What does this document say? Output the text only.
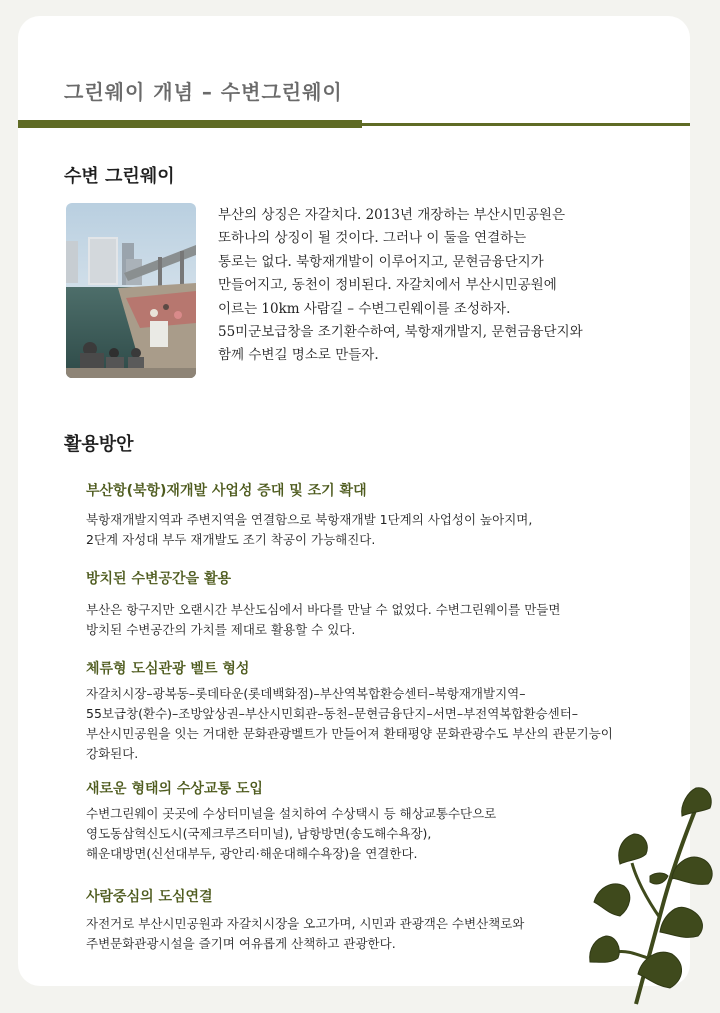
그린웨이 개념 – 수변그린웨이
수변 그린웨이

부산의 상징은 자갈치다. 2013년 개장하는 부산시민공원은

또하나의 상징이 될 것이다. 그러나 이 둘을 연결하는

통로는 없다. 북항재개발이 이루어지고, 문현금융단지가

만들어지고, 동천이 정비된다. 자갈치에서 부산시민공원에

이르는 10km 사람길 – 수변그린웨이를 조성하자.

55미군보급창을 조기환수하여, 북항재개발지, 문현금융단지와

함께 수변길 명소로 만들자.

활용방안
부산항(북항)재개발 사업성 증대 및 조기 확대

북항재개발지역과 주변지역을 연결함으로 북항재개발 1단계의 사업성이 높아지며,

2단계 자성대 부두 재개발도 조기 착공이 가능해진다.

방치된 수변공간을 활용

부산은 항구지만 오랜시간 부산도심에서 바다를 만날 수 없었다. 수변그린웨이를 만들면

방치된 수변공간의 가치를 제대로 활용할 수 있다.

체류형 도심관광 벨트 형성

자갈치시장–광복동–롯데타운(롯데백화점)–부산역복합환승센터–북항재개발지역–

55보급창(환수)–조방앞상권–부산시민회관–동천–문현금융단지–서면–부전역복합환승센터–

부산시민공원을 잇는 거대한 문화관광벨트가 만들어져 환태평양 문화관광수도 부산의 관문기능이

강화된다.

새로운 형태의 수상교통 도입

수변그린웨이 곳곳에 수상터미널을 설치하여 수상택시 등 해상교통수단으로

영도동삼혁신도시(국제크루즈터미널), 남항방면(송도해수욕장),

해운대방면(신선대부두, 광안리·해운대해수욕장)을 연결한다.

사람중심의 도심연결

자전거로 부산시민공원과 자갈치시장을 오고가며, 시민과 관광객은 수변산책로와

주변문화관광시설을 즐기며 여유롭게 산책하고 관광한다.
